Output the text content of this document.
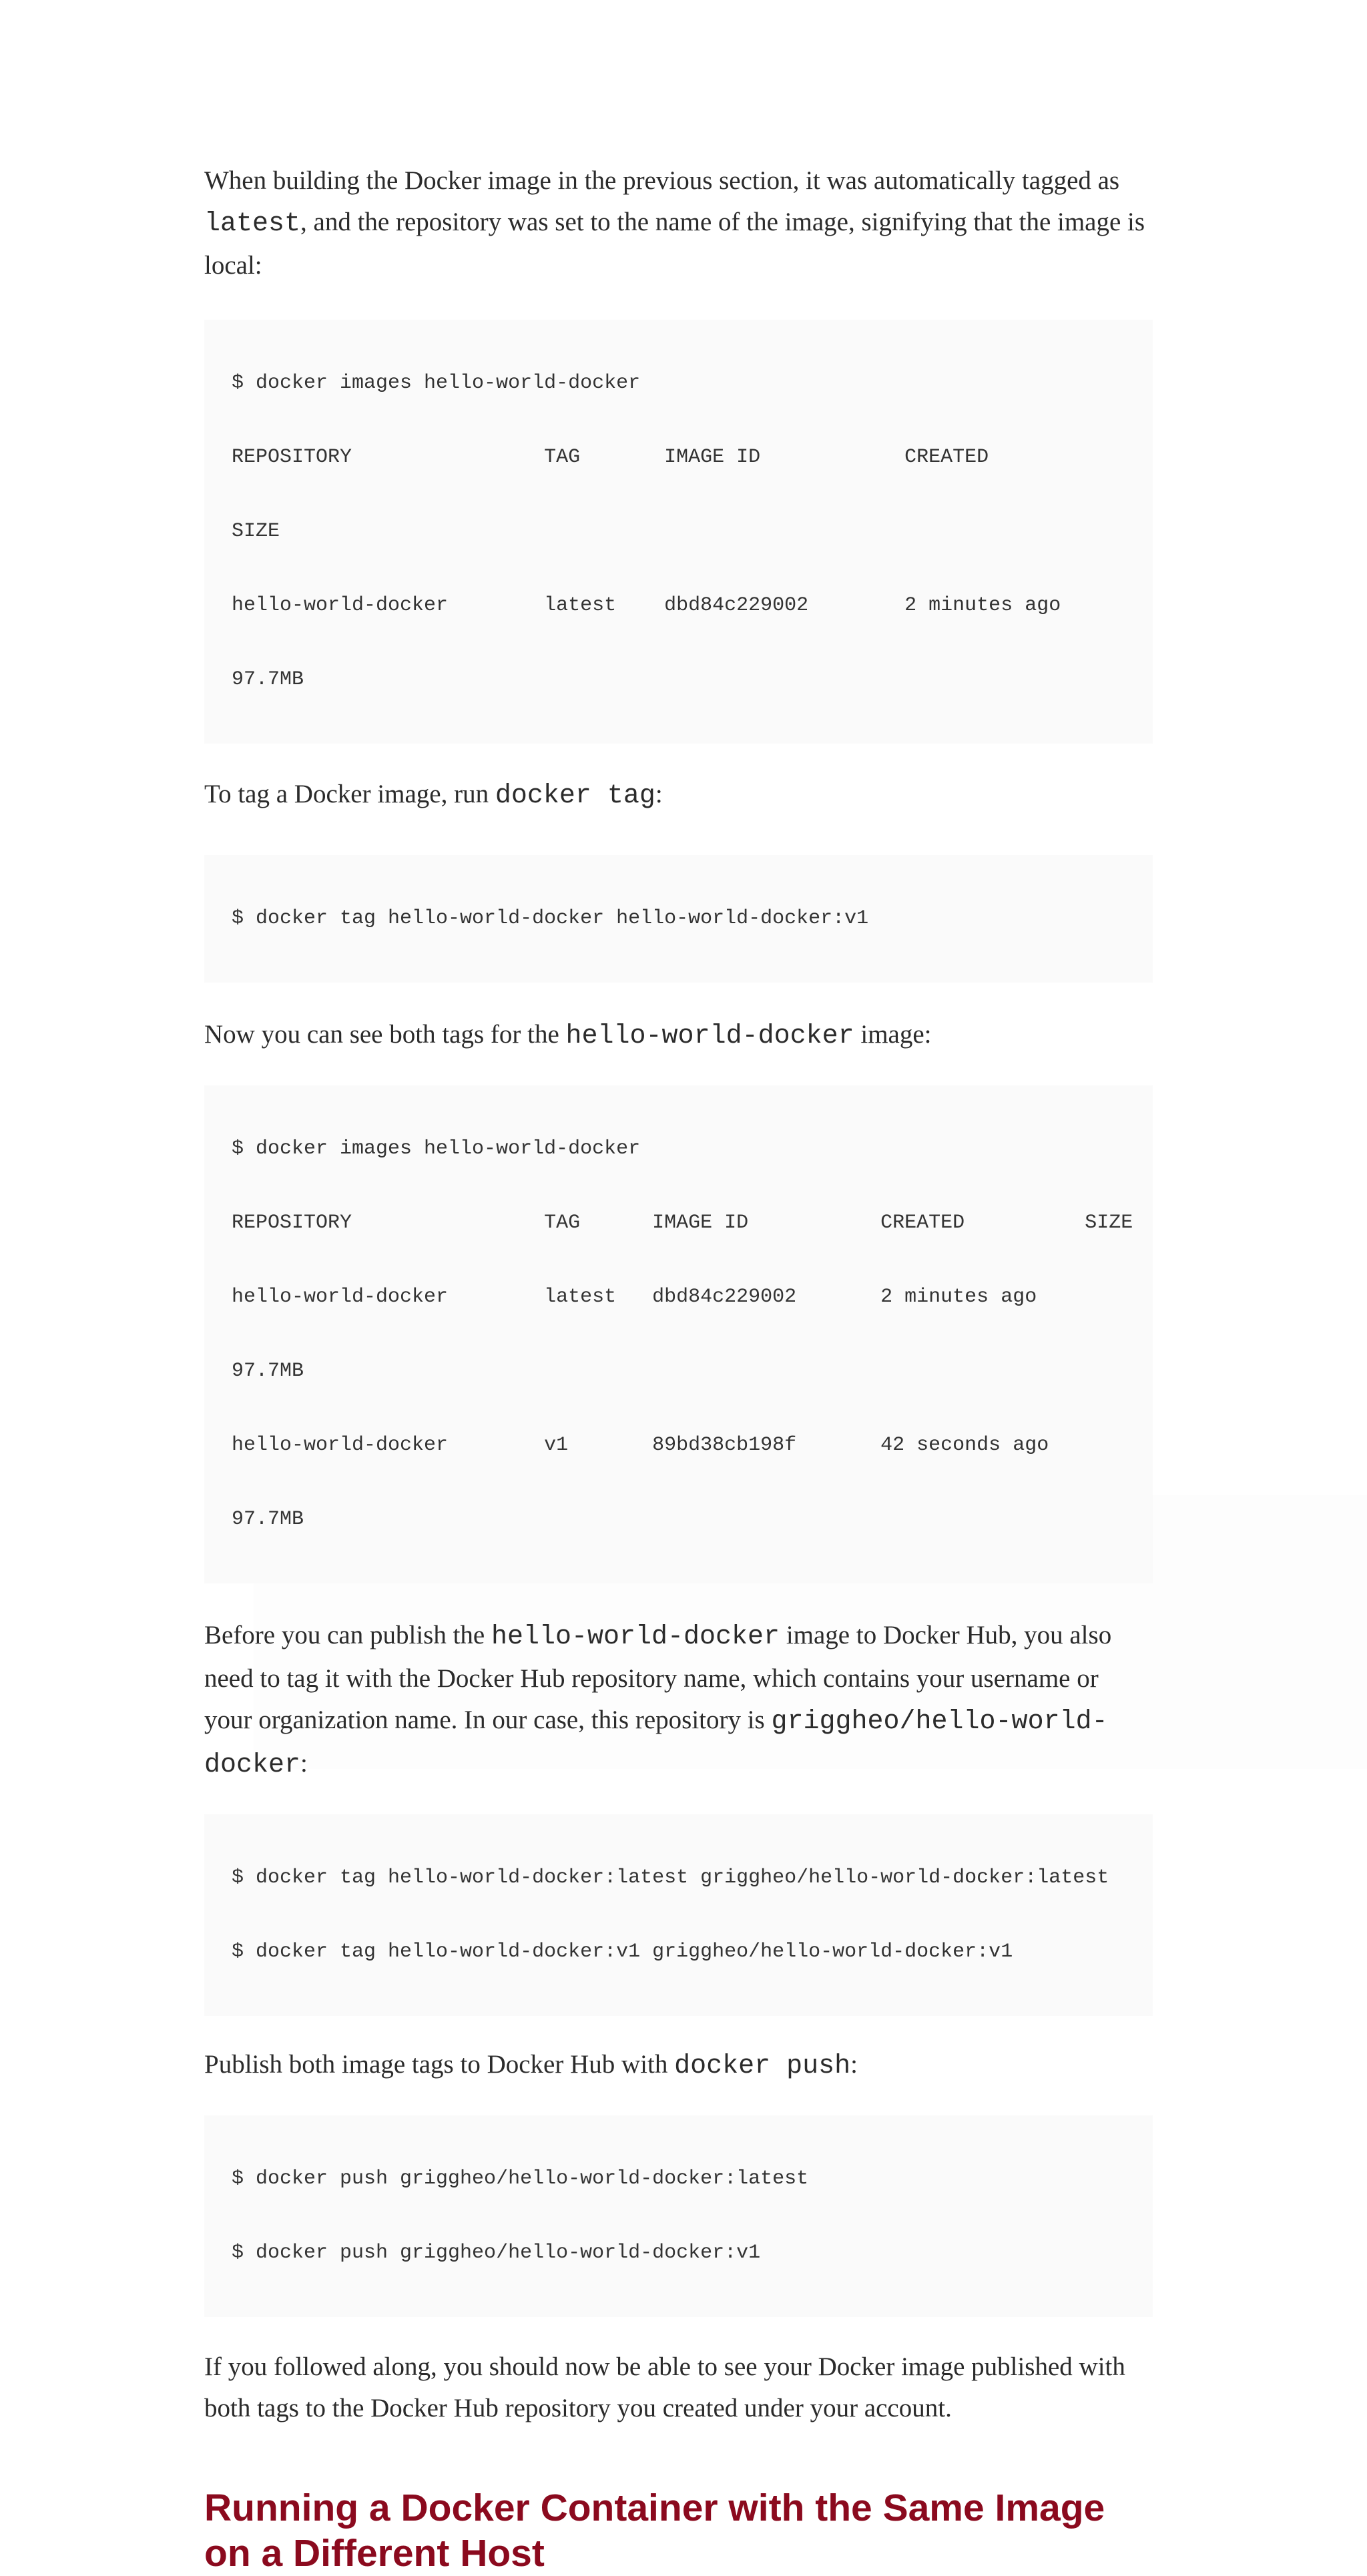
When building the Docker image in the previous section, it was automatically tagged as latest, and the repository was set to the name of the image, signifying that the image is local:

$ docker images hello-world-docker

REPOSITORY                TAG       IMAGE ID            CREATED

SIZE

hello-world-docker        latest    dbd84c229002        2 minutes ago

97.7MB

To tag a Docker image, run docker tag:

$ docker tag hello-world-docker hello-world-docker:v1

Now you can see both tags for the hello-world-docker image:

$ docker images hello-world-docker

REPOSITORY                TAG      IMAGE ID           CREATED          SIZE

hello-world-docker        latest   dbd84c229002       2 minutes ago

97.7MB

hello-world-docker        v1       89bd38cb198f       42 seconds ago

97.7MB

Before you can publish the hello-world-docker image to Docker Hub, you also need to tag it with the Docker Hub repository name, which contains your username or your organization name. In our case, this repository is griggheo/hello-world-docker:

$ docker tag hello-world-docker:latest griggheo/hello-world-docker:latest

$ docker tag hello-world-docker:v1 griggheo/hello-world-docker:v1

Publish both image tags to Docker Hub with docker push:

$ docker push griggheo/hello-world-docker:latest

$ docker push griggheo/hello-world-docker:v1

If you followed along, you should now be able to see your Docker image published with both tags to the Docker Hub repository you created under your account.

Running a Docker Container with the Same Image on a Different Host
